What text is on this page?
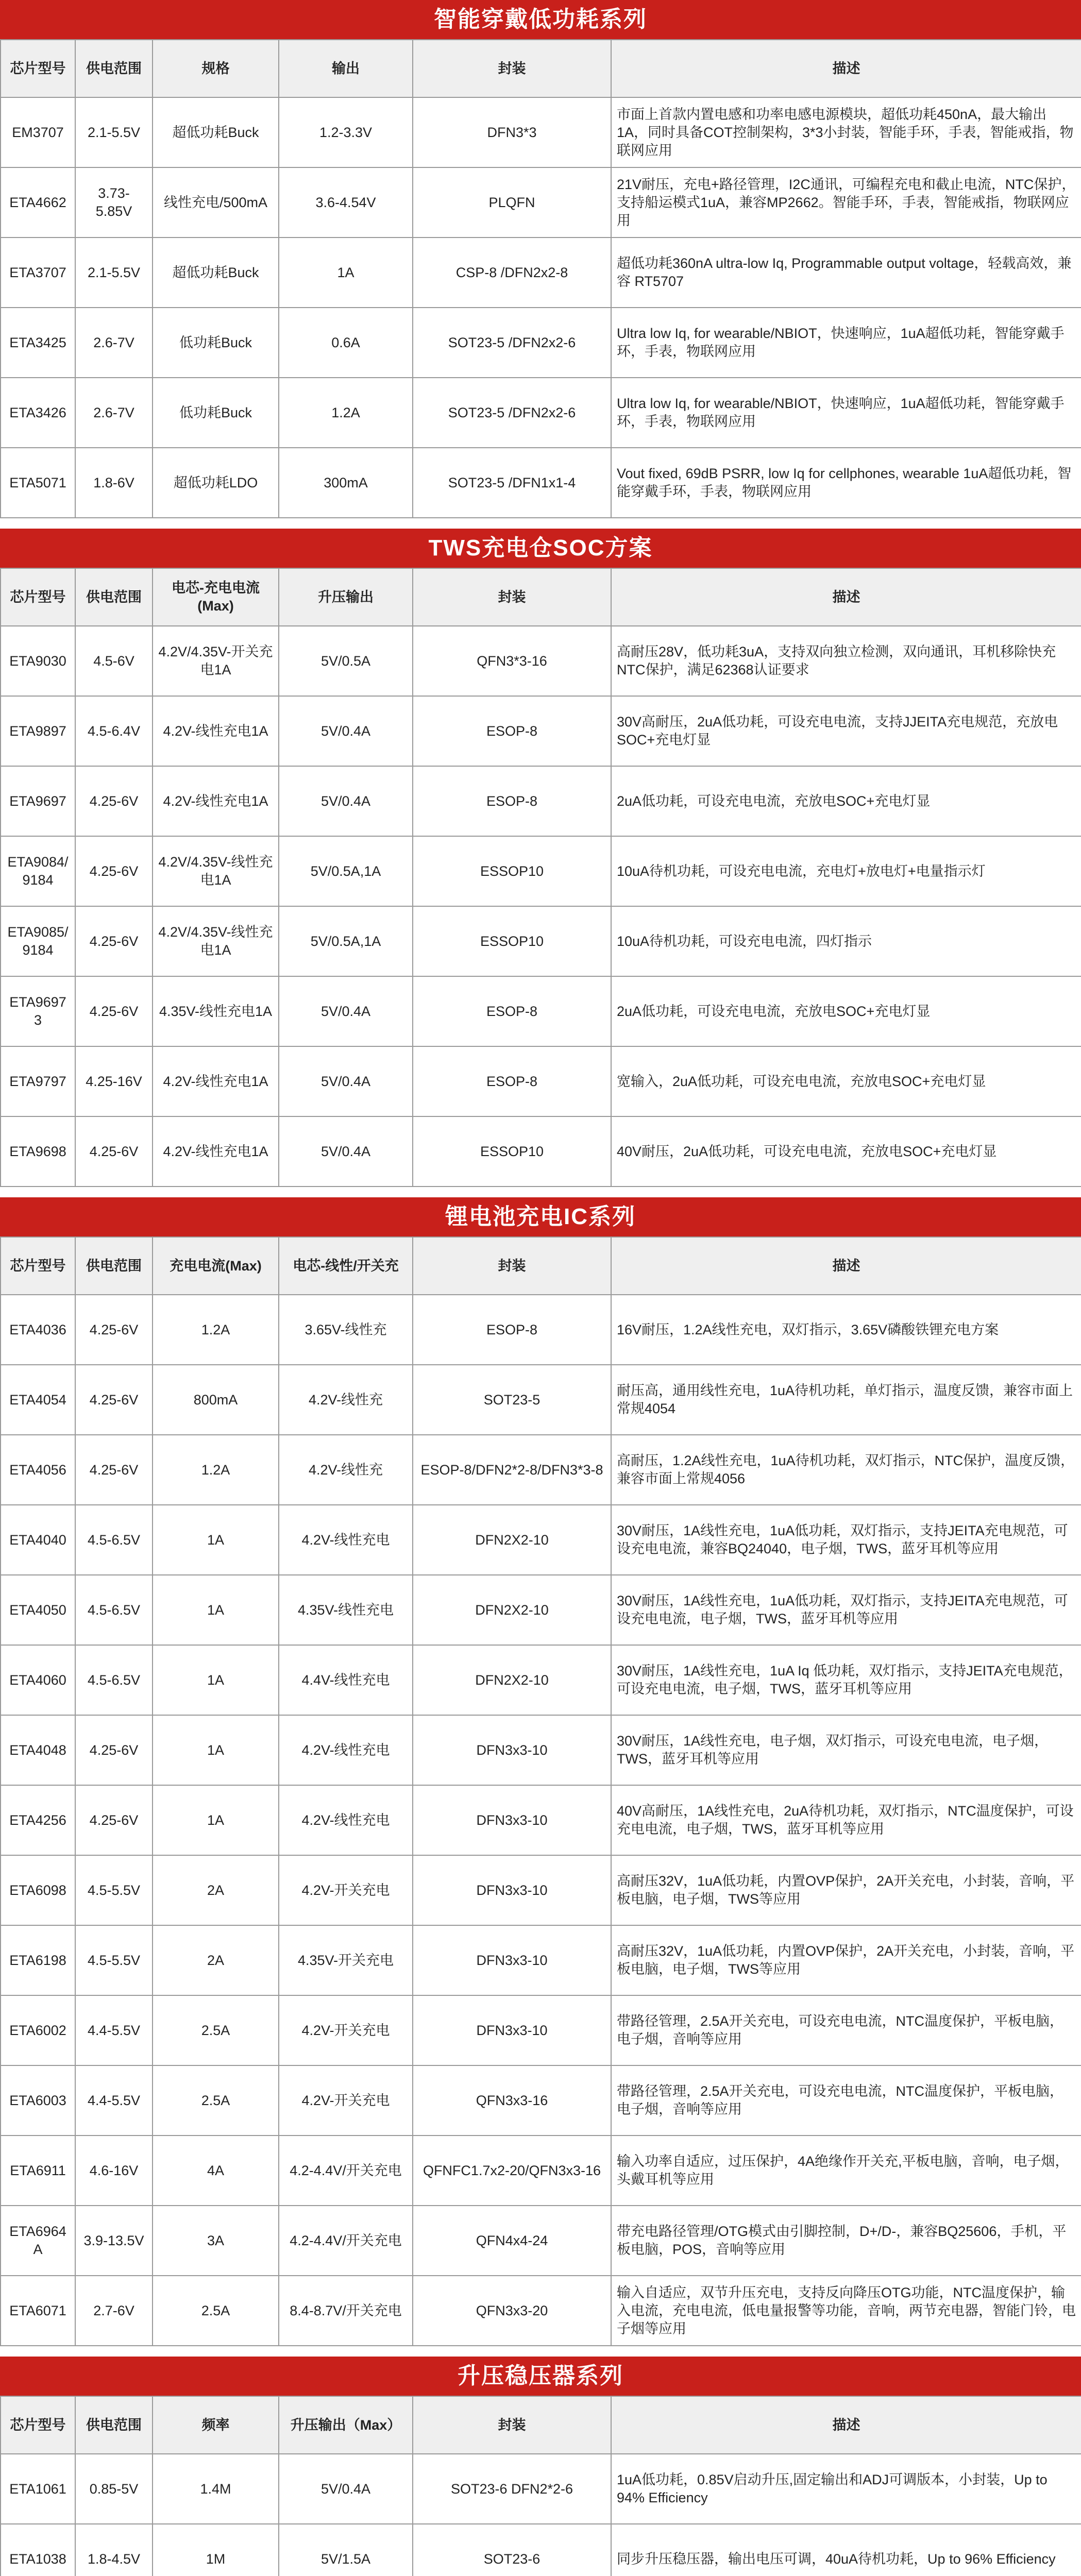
智能穿戴低功耗系列
芯片型号	供电范围	规格	输出	封装	描述
EM3707	2.1-5.5V	超低功耗Buck	1.2-3.3V	DFN3*3	市面上首款内置电感和功率电感电源模块，超低功耗450nA，最大输出1A，同时具备COT控制架构，3*3小封装，智能手环，手表，智能戒指，物联网应用
ETA4662	3.73-5.85V	线性充电/500mA	3.6-4.54V	PLQFN	21V耐压，充电+路径管理，I2C通讯，可编程充电和截止电流，NTC保护，支持船运模式1uA，兼容MP2662。智能手环，手表，智能戒指，物联网应用
ETA3707	2.1-5.5V	超低功耗Buck	1A	CSP-8 /DFN2x2-8	超低功耗360nA ultra-low Iq, Programmable output voltage，轻载高效，兼容 RT5707
ETA3425	2.6-7V	低功耗Buck	0.6A	SOT23-5 /DFN2x2-6	Ultra low Iq, for wearable/NBIOT，快速响应，1uA超低功耗，智能穿戴手环，手表，物联网应用
ETA3426	2.6-7V	低功耗Buck	1.2A	SOT23-5 /DFN2x2-6	Ultra low Iq, for wearable/NBIOT，快速响应，1uA超低功耗，智能穿戴手环，手表，物联网应用
ETA5071	1.8-6V	超低功耗LDO	300mA	SOT23-5 /DFN1x1-4	Vout fixed, 69dB PSRR, low Iq for cellphones, wearable 1uA超低功耗，智能穿戴手环，手表，物联网应用
TWS充电仓SOC方案
芯片型号	供电范围	电芯-充电电流(Max)	升压输出	封装	描述
ETA9030	4.5-6V	4.2V/4.35V-开关充电1A	5V/0.5A	QFN3*3-16	高耐压28V，低功耗3uA，支持双向独立检测，双向通讯，耳机移除快充NTC保护，满足62368认证要求
ETA9897	4.5-6.4V	4.2V-线性充电1A	5V/0.4A	ESOP-8	30V高耐压，2uA低功耗，可设充电电流，支持JJEITA充电规范，充放电SOC+充电灯显
ETA9697	4.25-6V	4.2V-线性充电1A	5V/0.4A	ESOP-8	2uA低功耗，可设充电电流，充放电SOC+充电灯显
ETA9084/9184	4.25-6V	4.2V/4.35V-线性充电1A	5V/0.5A,1A	ESSOP10	10uA待机功耗，可设充电电流，充电灯+放电灯+电量指示灯
ETA9085/9184	4.25-6V	4.2V/4.35V-线性充电1A	5V/0.5A,1A	ESSOP10	10uA待机功耗，可设充电电流，四灯指示
ETA96973	4.25-6V	4.35V-线性充电1A	5V/0.4A	ESOP-8	2uA低功耗，可设充电电流，充放电SOC+充电灯显
ETA9797	4.25-16V	4.2V-线性充电1A	5V/0.4A	ESOP-8	宽输入，2uA低功耗，可设充电电流，充放电SOC+充电灯显
ETA9698	4.25-6V	4.2V-线性充电1A	5V/0.4A	ESSOP10	40V耐压，2uA低功耗，可设充电电流，充放电SOC+充电灯显
锂电池充电IC系列
芯片型号	供电范围	充电电流(Max)	电芯-线性/开关充	封装	描述
ETA4036	4.25-6V	1.2A	3.65V-线性充	ESOP-8	16V耐压，1.2A线性充电，双灯指示，3.65V磷酸铁锂充电方案
ETA4054	4.25-6V	800mA	4.2V-线性充	SOT23-5	耐压高，通用线性充电，1uA待机功耗，单灯指示，温度反馈，兼容市面上常规4054
ETA4056	4.25-6V	1.2A	4.2V-线性充	ESOP-8/DFN2*2-8/DFN3*3-8	高耐压，1.2A线性充电，1uA待机功耗，双灯指示，NTC保护，温度反馈，兼容市面上常规4056
ETA4040	4.5-6.5V	1A	4.2V-线性充电	DFN2X2-10	30V耐压，1A线性充电，1uA低功耗，双灯指示，支持JEITA充电规范，可设充电电流，兼容BQ24040，电子烟，TWS，蓝牙耳机等应用
ETA4050	4.5-6.5V	1A	4.35V-线性充电	DFN2X2-10	30V耐压，1A线性充电，1uA低功耗，双灯指示，支持JEITA充电规范，可设充电电流，电子烟，TWS，蓝牙耳机等应用
ETA4060	4.5-6.5V	1A	4.4V-线性充电	DFN2X2-10	30V耐压，1A线性充电，1uA Iq 低功耗，双灯指示，支持JEITA充电规范，可设充电电流，电子烟，TWS，蓝牙耳机等应用
ETA4048	4.25-6V	1A	4.2V-线性充电	DFN3x3-10	30V耐压，1A线性充电，电子烟，双灯指示，可设充电电流，电子烟，TWS，蓝牙耳机等应用
ETA4256	4.25-6V	1A	4.2V-线性充电	DFN3x3-10	40V高耐压，1A线性充电，2uA待机功耗，双灯指示，NTC温度保护，可设充电电流，电子烟，TWS，蓝牙耳机等应用
ETA6098	4.5-5.5V	2A	4.2V-开关充电	DFN3x3-10	高耐压32V，1uA低功耗，内置OVP保护，2A开关充电，小封装，音响，平板电脑，电子烟，TWS等应用
ETA6198	4.5-5.5V	2A	4.35V-开关充电	DFN3x3-10	高耐压32V，1uA低功耗，内置OVP保护，2A开关充电，小封装，音响，平板电脑，电子烟，TWS等应用
ETA6002	4.4-5.5V	2.5A	4.2V-开关充电	DFN3x3-10	带路径管理，2.5A开关充电，可设充电电流，NTC温度保护，平板电脑，电子烟，音响等应用
ETA6003	4.4-5.5V	2.5A	4.2V-开关充电	QFN3x3-16	带路径管理，2.5A开关充电，可设充电电流，NTC温度保护，平板电脑，电子烟，音响等应用
ETA6911	4.6-16V	4A	4.2-4.4V/开关充电	QFNFC1.7x2-20/QFN3x3-16	输入功率自适应，过压保护，4A绝缘作开关充,平板电脑，音响，电子烟，头戴耳机等应用
ETA6964A	3.9-13.5V	3A	4.2-4.4V/开关充电	QFN4x4-24	带充电路径管理/OTG模式由引脚控制，D+/D-，兼容BQ25606，手机，平板电脑，POS，音响等应用
ETA6071	2.7-6V	2.5A	8.4-8.7V/开关充电	QFN3x3-20	输入自适应，双节升压充电，支持反向降压OTG功能，NTC温度保护，输入电流，充电电流，低电量报警等功能，音响，两节充电器，智能门铃，电子烟等应用
升压稳压器系列
芯片型号	供电范围	频率	升压输出（Max）	封装	描述
ETA1061	0.85-5V	1.4M	5V/0.4A	SOT23-6 DFN2*2-6	1uA低功耗，0.85V启动升压,固定输出和ADJ可调版本，小封装，Up to 94% Efficiency
ETA1038	1.8-4.5V	1M	5V/1.5A	SOT23-6	同步升压稳压器，输出电压可调，40uA待机功耗，Up to 96% Efficiency
